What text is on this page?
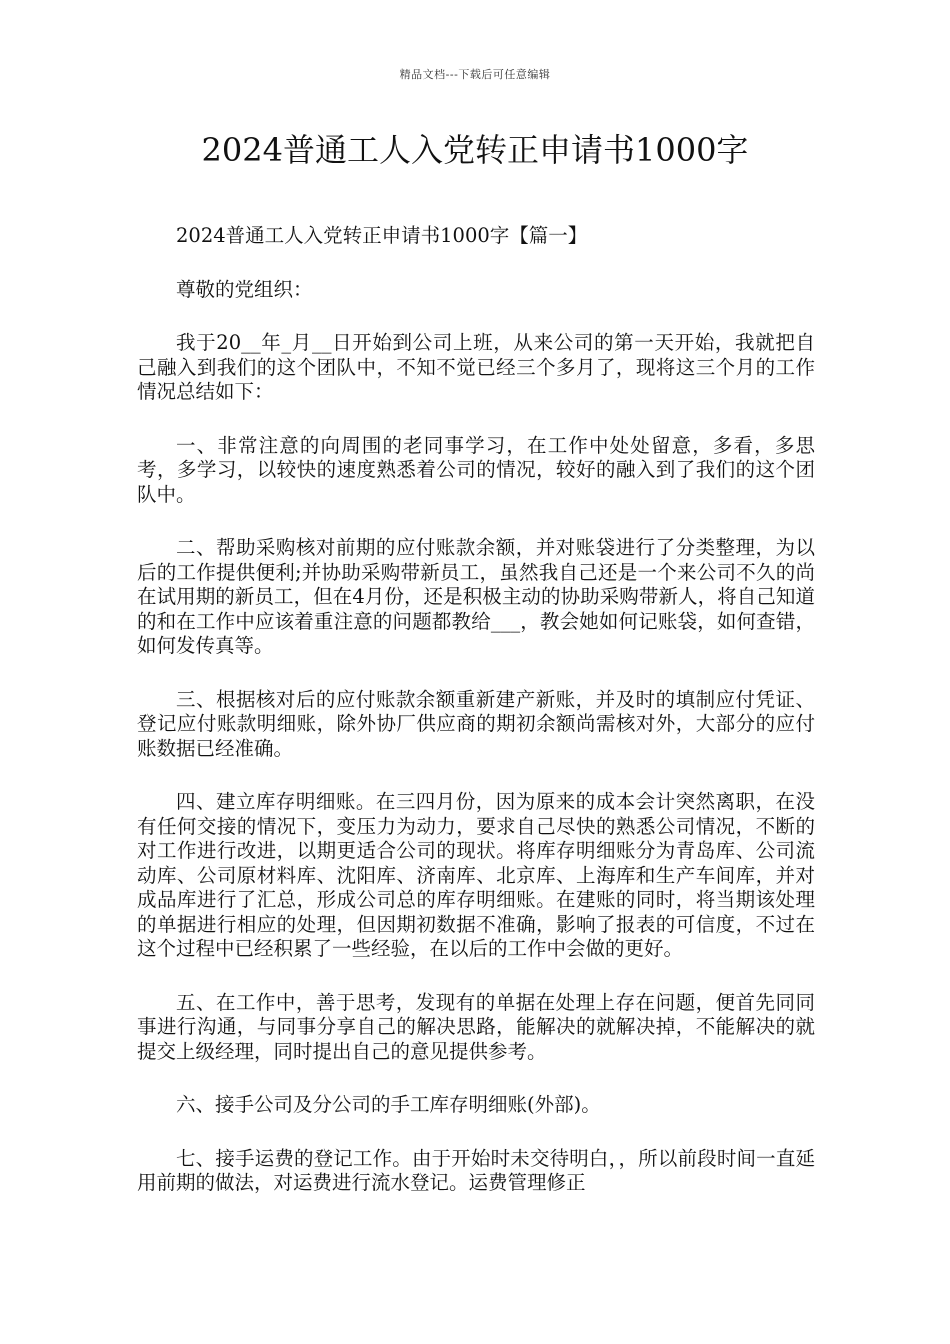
精品文档---下载后可任意编辑
2024普通工人入党转正申请书1000字

2024普通工人入党转正申请书1000字【篇一】

尊敬的党组织：

我于20__年_月__日开始到公司上班，从来公司的第一天开始，我就把自己融入到我们的这个团队中，不知不觉已经三个多月了，现将这三个月的工作情况总结如下：

一、非常注意的向周围的老同事学习，在工作中处处留意，多看，多思考，多学习，以较快的速度熟悉着公司的情况，较好的融入到了我们的这个团队中。

二、帮助采购核对前期的应付账款余额，并对账袋进行了分类整理，为以后的工作提供便利;并协助采购带新员工，虽然我自己还是一个来公司不久的尚在试用期的新员工，但在4月份，还是积极主动的协助采购带新人，将自己知道的和在工作中应该着重注意的问题都教给___，教会她如何记账袋，如何查错，如何发传真等。

三、根据核对后的应付账款余额重新建产新账，并及时的填制应付凭证、登记应付账款明细账，除外协厂供应商的期初余额尚需核对外，大部分的应付账数据已经准确。

四、建立库存明细账。在三四月份，因为原来的成本会计突然离职，在没有任何交接的情况下，变压力为动力，要求自己尽快的熟悉公司情况，不断的对工作进行改进，以期更适合公司的现状。将库存明细账分为青岛库、公司流动库、公司原材料库、沈阳库、济南库、北京库、上海库和生产车间库，并对成品库进行了汇总，形成公司总的库存明细账。在建账的同时，将当期该处理的单据进行相应的处理，但因期初数据不准确，影响了报表的可信度，不过在这个过程中已经积累了一些经验，在以后的工作中会做的更好。

五、在工作中，善于思考，发现有的单据在处理上存在问题，便首先同同事进行沟通，与同事分享自己的解决思路，能解决的就解决掉，不能解决的就提交上级经理，同时提出自己的意见提供参考。

六、接手公司及分公司的手工库存明细账(外部)。

七、接手运费的登记工作。由于开始时未交待明白，，所以前段时间一直延用前期的做法，对运费进行流水登记。运费管理修正
